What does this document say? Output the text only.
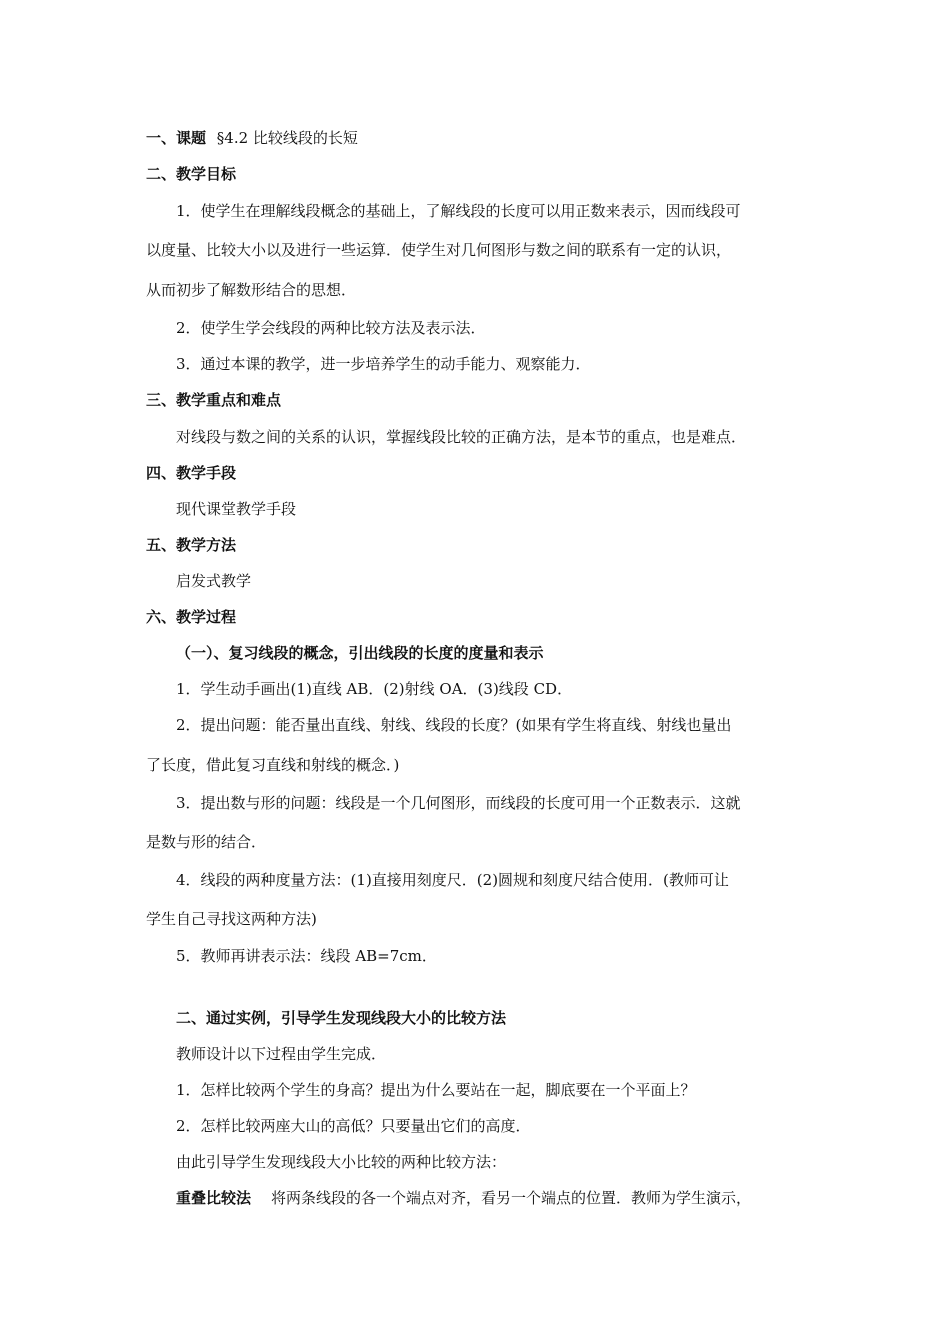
一、课题 §4.2 比较线段的长短
二、教学目标
1．使学生在理解线段概念的基础上，了解线段的长度可以用正数来表示，因而线段可
以度量、比较大小以及进行一些运算．使学生对几何图形与数之间的联系有一定的认识，
从而初步了解数形结合的思想．
2．使学生学会线段的两种比较方法及表示法．
3．通过本课的教学，进一步培养学生的动手能力、观察能力．
三、教学重点和难点
对线段与数之间的关系的认识，掌握线段比较的正确方法，是本节的重点，也是难点．
四、教学手段
现代课堂教学手段
五、教学方法
启发式教学
六、教学过程
（一）、复习线段的概念，引出线段的长度的度量和表示
1．学生动手画出(1)直线 AB．(2)射线 OA．(3)线段 CD．
2．提出问题：能否量出直线、射线、线段的长度？(如果有学生将直线、射线也量出
了长度，借此复习直线和射线的概念．)
3．提出数与形的问题：线段是一个几何图形，而线段的长度可用一个正数表示．这就
是数与形的结合．
4．线段的两种度量方法：(1)直接用刻度尺．(2)圆规和刻度尺结合使用．(教师可让
学生自己寻找这两种方法)
5．教师再讲表示法：线段 AB=7cm．
二、通过实例，引导学生发现线段大小的比较方法
教师设计以下过程由学生完成．
1．怎样比较两个学生的身高？提出为什么要站在一起，脚底要在一个平面上？
2．怎样比较两座大山的高低？只要量出它们的高度．
由此引导学生发现线段大小比较的两种比较方法：
重叠比较法 将两条线段的各一个端点对齐，看另一个端点的位置．教师为学生演示，
